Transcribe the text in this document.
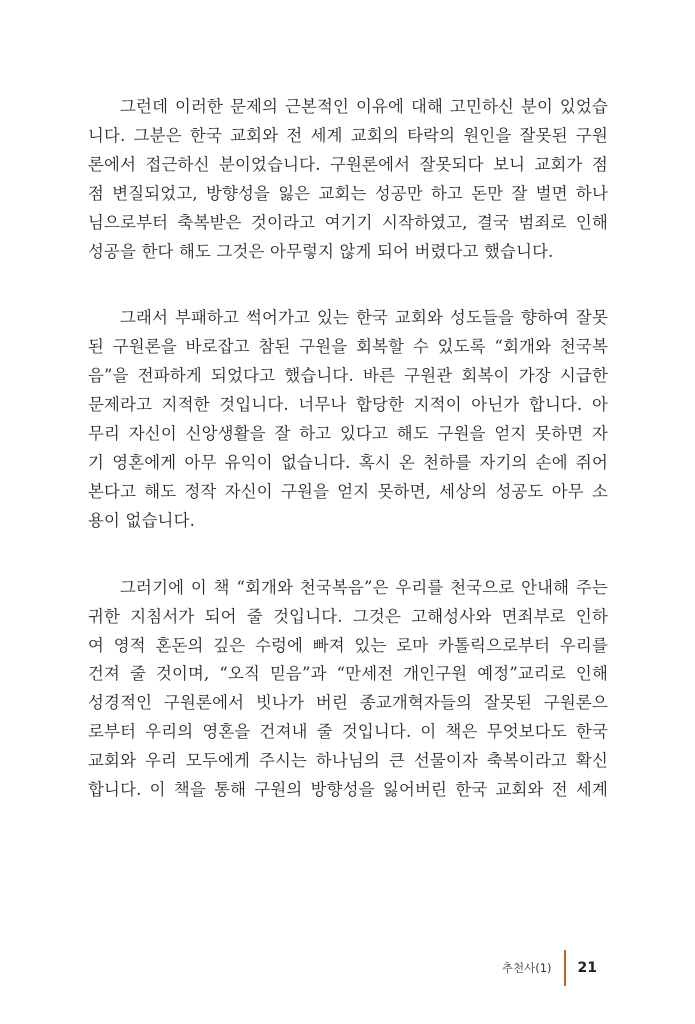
그런데 이러한 문제의 근본적인 이유에 대해 고민하신 분이 있었습
니다. 그분은 한국 교회와 전 세계 교회의 타락의 원인을 잘못된 구원
론에서 접근하신 분이었습니다. 구원론에서 잘못되다 보니 교회가 점
점 변질되었고, 방향성을 잃은 교회는 성공만 하고 돈만 잘 벌면 하나
님으로부터 축복받은 것이라고 여기기 시작하였고, 결국 범죄로 인해
성공을 한다 해도 그것은 아무렇지 않게 되어 버렸다고 했습니다.

그래서 부패하고 썩어가고 있는 한국 교회와 성도들을 향하여 잘못
된 구원론을 바로잡고 참된 구원을 회복할 수 있도록 “회개와 천국복
음”을 전파하게 되었다고 했습니다. 바른 구원관 회복이 가장 시급한
문제라고 지적한 것입니다. 너무나 합당한 지적이 아닌가 합니다. 아
무리 자신이 신앙생활을 잘 하고 있다고 해도 구원을 얻지 못하면 자
기 영혼에게 아무 유익이 없습니다. 혹시 온 천하를 자기의 손에 쥐어
본다고 해도 정작 자신이 구원을 얻지 못하면, 세상의 성공도 아무 소
용이 없습니다.

그러기에 이 책 “회개와 천국복음”은 우리를 천국으로 안내해 주는
귀한 지침서가 되어 줄 것입니다. 그것은 고해성사와 면죄부로 인하
여 영적 혼돈의 깊은 수렁에 빠져 있는 로마 카톨릭으로부터 우리를
건져 줄 것이며, “오직 믿음”과 “만세전 개인구원 예정”교리로 인해
성경적인 구원론에서 빗나가 버린 종교개혁자들의 잘못된 구원론으
로부터 우리의 영혼을 건져내 줄 것입니다. 이 책은 무엇보다도 한국
교회와 우리 모두에게 주시는 하나님의 큰 선물이자 축복이라고 확신
합니다. 이 책을 통해 구원의 방향성을 잃어버린 한국 교회와 전 세계

추천사(1) 21
